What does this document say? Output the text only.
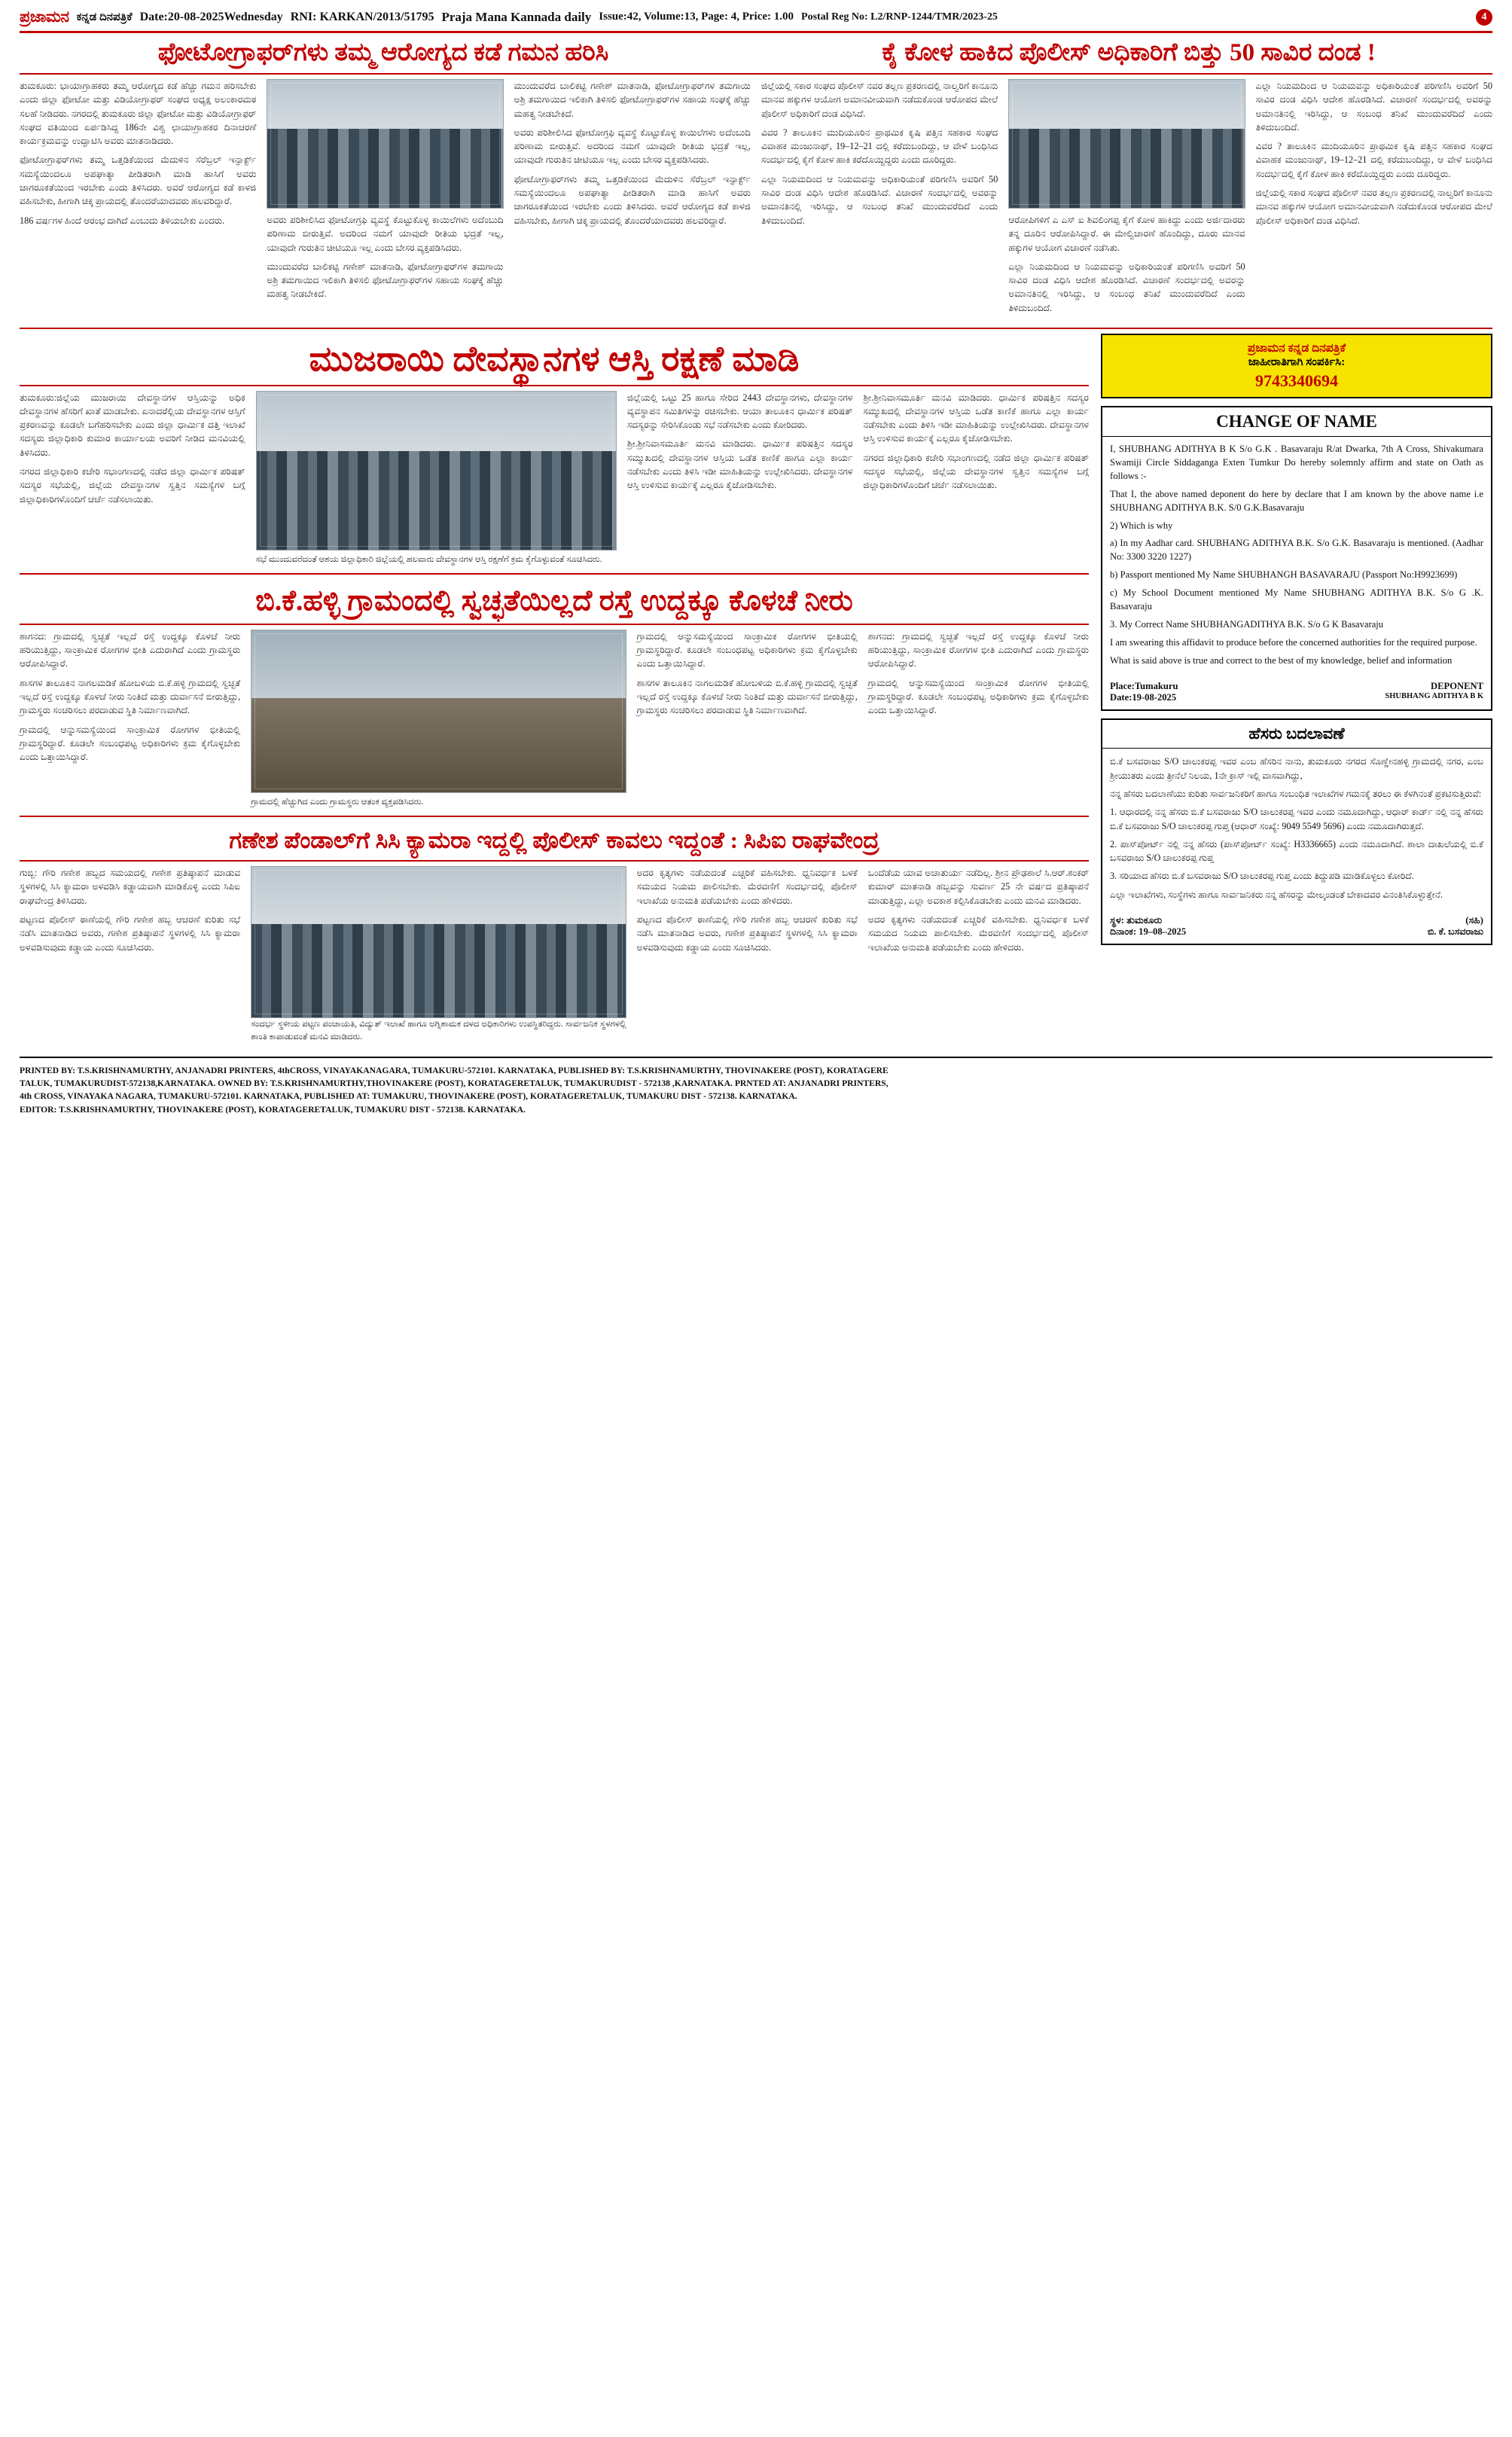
ಪ್ರಜಾಮನ ಕನ್ನಡ ದಿನಪತ್ರಿಕೆ Date:20-08-2025Wednesday RNI: KARKAN/2013/51795 Praja Mana Kannada daily Issue:42, Volume:13, Page: 4, Price: 1.00 Postal Reg No: L2/RNP-1244/TMR/2023-25	4
ಫೋಟೋಗ್ರಾಫರ್‌ಗಳು ತಮ್ಮ ಆರೋಗ್ಯದ ಕಡೆ ಗಮನ ಹರಿಸಿ	ಕೈ ಕೋಳ ಹಾಕಿದ ಪೊಲೀಸ್ ಅಧಿಕಾರಿಗೆ ಬಿತ್ತು 50 ಸಾವಿರ ದಂಡ !

ತುಮಕೂರು: ಭಾಯಾಗ್ರಾಹಕರು ತಮ್ಮ ಆರೋಗ್ಯದ ಕಡೆ ಹೆಚ್ಚು ಗಮನ ಹರಿಸಬೇಕು ಎಂದು ಜಿಲ್ಲಾ ಫೋಟೋ ಮತ್ತು ವಿಡಿಯೋಗ್ರಾಫರ್ ಸಂಘದ ಅಧ್ಯಕ್ಷ ಅಲಂಕಾರಮಠ ಸಲಹೆ ನೀಡಿದರು. ನಗರದಲ್ಲಿ ತುಮಕೂರು ಜಿಲ್ಲಾ ಫೋಟೋ ಮತ್ತು ವಿಡಿಯೋಗ್ರಾಫರ್ ಸಂಘದ ವತಿಯಿಂದ ಏರ್ಪಡಿಸಿದ್ದ 186ನೇ ವಿಶ್ವ ಛಾಯಾಗ್ರಾಹಕರ ದಿನಾಚರಣೆ ಕಾರ್ಯಕ್ರಮವನ್ನು ಉದ್ಘಾಟಿಸಿ ಅವರು ಮಾತನಾಡಿದರು.

ಫೋಟೋಗ್ರಾಫರ್‌ಗಳು ತಮ್ಮ ಒತ್ತಡಿಕೆಯಿಂದ ಮೆದುಳಿನ ಸೆರೆಬ್ರಲ್ ಇನ್ಫಾರ್ಕ್ಟ್ ಸಮಸ್ಯೆಯಿಂದಲೂ ಅಪಘಾತ್ಯಾ ಪೀಡಿತರಾಗಿ ಮಾಡಿ ಹಾಸಿಗೆ ಅವರು ಜಾಗರೂಕತೆಯಿಂದ ಇರಬೇಕು ಎಂದು ತಿಳಿಸಿದರು. ಅವರೆ ಆರೋಗ್ಯದ ಕಡೆ ಕಾಳಜಿ ವಹಿಸಬೇಕು, ಹೀಗಾಗಿ ಚಿಕ್ಕ ಪ್ರಾಯದಲ್ಲಿ ತೊಂದರೆಯಾದವರು ಹಲವರಿದ್ದಾರೆ.

186 ವರ್ಷಗಳ ಹಿಂದೆ ಆರಂಭ ದಾಗಿದೆ ಎಂಬುದು ತಿಳಿಯಬೇಕು ಎಂದರು.	ಅವರು ಪರಿಶೀಲಿಸಿದ ಫೋಟೋಗ್ರಫಿ ವ್ಯವಸ್ಥೆ ಕೊಟ್ಟುಕೊಳ್ಳ ಕಾಯಿಲೆಗಳು ಅದೆಂಬುದಿ ಪರಿಣಾಮ ಬೀರುತ್ತಿವೆ. ಅದರಿಂದ ನಮಗೆ ಯಾವುದೇ ರೀತಿಯ ಭದ್ರತೆ ಇಲ್ಲ, ಯಾವುದೇ ಗುರುತಿನ ಚೀಟಿಯೂ ಇಲ್ಲ ಎಂದು ಬೇಸರ ವ್ಯಕ್ತಪಡಿಸಿದರು.

ಮುಂದುವರೆದ ಬಾಲಿಕಟ್ಟಿ ಗಣೇಶ್ ಮಾತನಾಡಿ, ಫೋಟೋಗ್ರಾಫರ್‌ಗಳ ತಮಗಾಯಿ ಅಶ್ರಿ ತಮಗಾಯಿದ ಇಲಿಕಾಗಿ ತಿಳಿಸಲಿ ಫೋಟೋಗ್ರಾಫರ್‌ಗಳ ಸಹಾಯ ಸಂಘಕ್ಕೆ ಹೆಚ್ಚು ಮಹತ್ವ ನೀಡಬೇಕಿದೆ.

ಮುಂದುವರೆದ ಬಾಲಿಕಟ್ಟಿ ಗಣೇಶ್ ಮಾತನಾಡಿ, ಫೋಟೋಗ್ರಾಫರ್‌ಗಳ ತಮಗಾಯಿ ಅಶ್ರಿ ತಮಗಾಯಿದ ಇಲಿಕಾಗಿ ತಿಳಿಸಲಿ ಫೋಟೋಗ್ರಾಫರ್‌ಗಳ ಸಹಾಯ ಸಂಘಕ್ಕೆ ಹೆಚ್ಚು ಮಹತ್ವ ನೀಡಬೇಕಿದೆ.

ಅವರು ಪರಿಶೀಲಿಸಿದ ಫೋಟೋಗ್ರಫಿ ವ್ಯವಸ್ಥೆ ಕೊಟ್ಟುಕೊಳ್ಳ ಕಾಯಿಲೆಗಳು ಅದೆಂಬುದಿ ಪರಿಣಾಮ ಬೀರುತ್ತಿವೆ. ಅದರಿಂದ ನಮಗೆ ಯಾವುದೇ ರೀತಿಯ ಭದ್ರತೆ ಇಲ್ಲ, ಯಾವುದೇ ಗುರುತಿನ ಚೀಟಿಯೂ ಇಲ್ಲ ಎಂದು ಬೇಸರ ವ್ಯಕ್ತಪಡಿಸಿದರು.

ಫೋಟೋಗ್ರಾಫರ್‌ಗಳು ತಮ್ಮ ಒತ್ತಡಿಕೆಯಿಂದ ಮೆದುಳಿನ ಸೆರೆಬ್ರಲ್ ಇನ್ಫಾರ್ಕ್ಟ್ ಸಮಸ್ಯೆಯಿಂದಲೂ ಅಪಘಾತ್ಯಾ ಪೀಡಿತರಾಗಿ ಮಾಡಿ ಹಾಸಿಗೆ ಅವರು ಜಾಗರೂಕತೆಯಿಂದ ಇರಬೇಕು ಎಂದು ತಿಳಿಸಿದರು. ಅವರೆ ಆರೋಗ್ಯದ ಕಡೆ ಕಾಳಜಿ ವಹಿಸಬೇಕು, ಹೀಗಾಗಿ ಚಿಕ್ಕ ಪ್ರಾಯದಲ್ಲಿ ತೊಂದರೆಯಾದವರು ಹಲವರಿದ್ದಾರೆ.

ಜಿಲ್ಲೆಯಲ್ಲಿ ಸಕಾರ ಸಂಘದ ಪೊಲೀಸ್ ನವರ ತಲ್ಲಣ ಪ್ರಕರಣದಲ್ಲಿ ನಾಲ್ವರಿಗೆ ಕಾನೂನು ಮಾನವ ಹಕ್ಕುಗಳ ಆಯೋಗ ಅಮಾನವೀಯವಾಗಿ ನಡೆದುಕೊಂಡ ಆರೋಪದ ಮೇಲೆ ಪೊಲೀಸ್ ಅಧಿಕಾರಿಗೆ ದಂಡ ವಿಧಿಸಿದೆ.

ವಿವರ ? ತಾಲೂಕಿನ ಮುದಿಯೂರಿನ ಪ್ರಾಥಮಿಕ ಕೃಷಿ ಪತ್ತಿನ ಸಹಕಾರ ಸಂಘದ ವಿವಾಹಕ ಮಂಜುನಾಥ್, 19–12–21 ದಲ್ಲಿ ಕರೆದುಬಂದಿದ್ದು, ಆ ವೇಳೆ ಬಂಧಿಸಿದ ಸಂದರ್ಭದಲ್ಲಿ ಕೈಗೆ ಕೋಳ ಹಾಕಿ ಕರೆದೊಯ್ದಿದ್ದರು ಎಂದು ದೂರಿದ್ದರು.

ಎಲ್ಲಾ ನಿಯಮದಿಂದ ಆ ನಿಯಮವನ್ನು ಅಧಿಕಾರಿಯಂತೆ ಪರಿಗಣಿಸಿ ಅವರಿಗೆ 50 ಸಾವಿರ ದಂಡ ವಿಧಿಸಿ ಆದೇಶ ಹೊರಡಿಸಿದೆ. ವಿಚಾರಣೆ ಸಂದರ್ಭದಲ್ಲಿ ಅವರನ್ನು ಅಮಾನತಿನಲ್ಲಿ ಇರಿಸಿದ್ದು, ಆ ಸಂಬಂಧ ತನಿಖೆ ಮುಂದುವರೆದಿದೆ ಎಂದು ತಿಳಿದುಬಂದಿದೆ.	ಆರೋಪಿಗಳಿಗೆ ಎ ಎಸ್ ಐ ಶಿವಲಿಂಗಪ್ಪ ಕೈಗೆ ಕೋಳ ಹಾಕಿದ್ದು ಎಂದು ಅರ್ಜಿದಾರರು ತನ್ನ ದೂರಿನ ಆರೋಪಿಸಿದ್ದಾರೆ. ಈ ಮೇಲ್ವಿಚಾರಣೆ ಹೊಂದಿದ್ದು, ದೂರು ಮಾನವ ಹಕ್ಕುಗಳ ಆಯೋಗ ವಿಚಾರಣೆ ನಡೆಸಿತು.

ಎಲ್ಲಾ ನಿಯಮದಿಂದ ಆ ನಿಯಮವನ್ನು ಅಧಿಕಾರಿಯಂತೆ ಪರಿಗಣಿಸಿ ಅವರಿಗೆ 50 ಸಾವಿರ ದಂಡ ವಿಧಿಸಿ ಆದೇಶ ಹೊರಡಿಸಿದೆ. ವಿಚಾರಣೆ ಸಂದರ್ಭದಲ್ಲಿ ಅವರನ್ನು ಅಮಾನತಿನಲ್ಲಿ ಇರಿಸಿದ್ದು, ಆ ಸಂಬಂಧ ತನಿಖೆ ಮುಂದುವರೆದಿದೆ ಎಂದು ತಿಳಿದುಬಂದಿದೆ.

ಎಲ್ಲಾ ನಿಯಮದಿಂದ ಆ ನಿಯಮವನ್ನು ಅಧಿಕಾರಿಯಂತೆ ಪರಿಗಣಿಸಿ ಅವರಿಗೆ 50 ಸಾವಿರ ದಂಡ ವಿಧಿಸಿ ಆದೇಶ ಹೊರಡಿಸಿದೆ. ವಿಚಾರಣೆ ಸಂದರ್ಭದಲ್ಲಿ ಅವರನ್ನು ಅಮಾನತಿನಲ್ಲಿ ಇರಿಸಿದ್ದು, ಆ ಸಂಬಂಧ ತನಿಖೆ ಮುಂದುವರೆದಿದೆ ಎಂದು ತಿಳಿದುಬಂದಿದೆ.

ವಿವರ ? ತಾಲೂಕಿನ ಮುದಿಯೂರಿನ ಪ್ರಾಥಮಿಕ ಕೃಷಿ ಪತ್ತಿನ ಸಹಕಾರ ಸಂಘದ ವಿವಾಹಕ ಮಂಜುನಾಥ್, 19–12–21 ದಲ್ಲಿ ಕರೆದುಬಂದಿದ್ದು, ಆ ವೇಳೆ ಬಂಧಿಸಿದ ಸಂದರ್ಭದಲ್ಲಿ ಕೈಗೆ ಕೋಳ ಹಾಕಿ ಕರೆದೊಯ್ದಿದ್ದರು ಎಂದು ದೂರಿದ್ದರು.

ಜಿಲ್ಲೆಯಲ್ಲಿ ಸಕಾರ ಸಂಘದ ಪೊಲೀಸ್ ನವರ ತಲ್ಲಣ ಪ್ರಕರಣದಲ್ಲಿ ನಾಲ್ವರಿಗೆ ಕಾನೂನು ಮಾನವ ಹಕ್ಕುಗಳ ಆಯೋಗ ಅಮಾನವೀಯವಾಗಿ ನಡೆದುಕೊಂಡ ಆರೋಪದ ಮೇಲೆ ಪೊಲೀಸ್ ಅಧಿಕಾರಿಗೆ ದಂಡ ವಿಧಿಸಿದೆ.

ಮುಜರಾಯಿ ದೇವಸ್ಥಾನಗಳ ಆಸ್ತಿ ರಕ್ಷಣೆ ಮಾಡಿ

ತುಮಕೂರು:ಜಿಲ್ಲೆಯ ಮುಜರಾಯಿ ದೇವಸ್ಥಾನಗಳ ಆಸ್ತಿಯನ್ನು ಅಧಿಕ ದೇವಸ್ಥಾನಗಳ ಹೆಸರಿಗೆ ಖಾತೆ ಮಾಡಬೇಕು. ಏನಾದರೆಲ್ಲಿಯ ದೇವಸ್ಥಾನಗಳ ಆಸ್ತಿಗೆ ಪ್ರಕರಣವನ್ನು ಕೂಡಲೇ ಬಗೆಹರಿಸಬೇಕು ಎಂದು ಜಿಲ್ಲಾ ಧಾರ್ಮಿಕ ದತ್ತಿ ಇಲಾಖೆ ಸದಸ್ಯರು ಜಿಲ್ಲಾಧಿಕಾರಿ ಕುಮಾರ ಕಾರ್ಯಾಲಯ ಅವರಿಗೆ ನೀಡಿದ ಮನವಿಯಲ್ಲಿ ತಿಳಿಸಿದರು.

ನಗರದ ಜಿಲ್ಲಾಧಿಕಾರಿ ಕಚೇರಿ ಸಭಾಂಗಣದಲ್ಲಿ ನಡೆದ ಜಿಲ್ಲಾ ಧಾರ್ಮಿಕ ಪರಿಷತ್ ಸದಸ್ಯರ ಸಭೆಯಲ್ಲಿ, ಜಿಲ್ಲೆಯ ದೇವಸ್ಥಾನಗಳ ಸ್ವತ್ತಿನ ಸಮಸ್ಯೆಗಳ ಬಗ್ಗೆ ಜಿಲ್ಲಾಧಿಕಾರಿಗಳೊಂದಿಗೆ ಚರ್ಚೆ ನಡೆಸಲಾಯಿತು.

ಸಭೆ ಮುಂದುವರೆದಂತೆ ಆಶಯ ಜಿಲ್ಲಾಧಿಕಾರಿ ಜಿಲ್ಲೆಯಲ್ಲಿ ಹಲವಾರು ದೇವಸ್ಥಾನಗಳ ಆಸ್ತಿ ರಕ್ಷಣೆಗೆ ಕ್ರಮ ಕೈಗೊಳ್ಳುವಂತೆ ಸೂಚಿಸಿದರು.

ಜಿಲ್ಲೆಯಲ್ಲಿ ಒಟ್ಟು 25 ಹಾಗೂ ಸೇರಿದ 2443 ದೇವಸ್ಥಾನಗಳು, ದೇವಸ್ಥಾನಗಳ ವ್ಯವಸ್ಥಾಪನ ಸಮಿತಿಗಳನ್ನು ರಚಿಸಬೇಕು. ಆಯಾ ತಾಲೂಕಿನ ಧಾರ್ಮಿಕ ಪರಿಷತ್ ಸದಸ್ಯರನ್ನು ಸೇರಿಸಿಕೊಂಡು ಸಭೆ ನಡೆಸಬೇಕು ಎಂದು ಕೋರಿದರು.

ಶ್ರೀ.ಶ್ರೀನಿವಾಸಮೂರ್ತಿ ಮನವಿ ಮಾಡಿದರು. ಧಾರ್ಮಿಕ ಪರಿಷತ್ತಿನ ಸದಸ್ಯರ ಸಮ್ಮುಖದಲ್ಲಿ ದೇವಸ್ಥಾನಗಳ ಆಸ್ತಿಯ ಒಡೆತ ಕಾಣಿಕೆ ಹಾಗೂ ಎಲ್ಲಾ ಕಾರ್ಯ ನಡೆಸಬೇಕು ಎಂದು ತಿಳಿಸಿ ಇಡೀ ಮಾಹಿತಿಯನ್ನು ಉಲ್ಲೇಖಿಸಿದರು. ದೇವಸ್ಥಾನಗಳ ಆಸ್ತಿ ಉಳಿಸುವ ಕಾರ್ಯಕ್ಕೆ ಎಲ್ಲರೂ ಕೈಜೋಡಿಸಬೇಕು.

ಶ್ರೀ.ಶ್ರೀನಿವಾಸಮೂರ್ತಿ ಮನವಿ ಮಾಡಿದರು. ಧಾರ್ಮಿಕ ಪರಿಷತ್ತಿನ ಸದಸ್ಯರ ಸಮ್ಮುಖದಲ್ಲಿ ದೇವಸ್ಥಾನಗಳ ಆಸ್ತಿಯ ಒಡೆತ ಕಾಣಿಕೆ ಹಾಗೂ ಎಲ್ಲಾ ಕಾರ್ಯ ನಡೆಸಬೇಕು ಎಂದು ತಿಳಿಸಿ ಇಡೀ ಮಾಹಿತಿಯನ್ನು ಉಲ್ಲೇಖಿಸಿದರು. ದೇವಸ್ಥಾನಗಳ ಆಸ್ತಿ ಉಳಿಸುವ ಕಾರ್ಯಕ್ಕೆ ಎಲ್ಲರೂ ಕೈಜೋಡಿಸಬೇಕು.

ನಗರದ ಜಿಲ್ಲಾಧಿಕಾರಿ ಕಚೇರಿ ಸಭಾಂಗಣದಲ್ಲಿ ನಡೆದ ಜಿಲ್ಲಾ ಧಾರ್ಮಿಕ ಪರಿಷತ್ ಸದಸ್ಯರ ಸಭೆಯಲ್ಲಿ, ಜಿಲ್ಲೆಯ ದೇವಸ್ಥಾನಗಳ ಸ್ವತ್ತಿನ ಸಮಸ್ಯೆಗಳ ಬಗ್ಗೆ ಜಿಲ್ಲಾಧಿಕಾರಿಗಳೊಂದಿಗೆ ಚರ್ಚೆ ನಡೆಸಲಾಯಿತು.

ಬಿ.ಕೆ.ಹಳ್ಳಿ ಗ್ರಾಮಂದಲ್ಲಿ ಸ್ವಚ್ಛತೆಯಿಲ್ಲದೆ ರಸ್ತೆ ಉದ್ದಕ್ಕೂ ಕೊಳಚೆ ನೀರು

ಶಾಗನದ: ಗ್ರಾಮದಲ್ಲಿ ಸ್ವಚ್ಛತೆ ಇಲ್ಲದೆ ರಸ್ತೆ ಉದ್ದಕ್ಕೂ ಕೊಳಚೆ ನೀರು ಹರಿಯುತ್ತಿದ್ದು, ಸಾಂಕ್ರಾಮಿಕ ರೋಗಗಳ ಭೀತಿ ಎದುರಾಗಿದೆ ಎಂದು ಗ್ರಾಮಸ್ಥರು ಆರೋಪಿಸಿದ್ದಾರೆ.

ಶಾಸಗಳ ತಾಲೂಕಿನ ನಾಗಲಮಡಿಕೆ ಹೋಬಳಿಯ ಬಿ.ಕೆ.ಹಳ್ಳಿ ಗ್ರಾಮದಲ್ಲಿ ಸ್ವಚ್ಛತೆ ಇಲ್ಲದೆ ರಸ್ತೆ ಉದ್ದಕ್ಕೂ ಕೊಳಚೆ ನೀರು ನಿಂತಿದೆ ಮತ್ತು ದುರ್ವಾಸನೆ ಬೀರುತ್ತಿದ್ದು, ಗ್ರಾಮಸ್ಥರು ಸಂಚರಿಸಲು ಪರದಾಡುವ ಸ್ಥಿತಿ ನಿರ್ಮಾಣವಾಗಿದೆ.

ಗ್ರಾಮದಲ್ಲಿ ಆನ್ನುಸಮಸ್ಯೆಯಿಂದ ಸಾಂಕ್ರಾಮಿಕ ರೋಗಗಳ ಭೀತಿಯಲ್ಲಿ ಗ್ರಾಮಸ್ಥರಿದ್ದಾರೆ. ಕೂಡಲೇ ಸಂಬಂಧಪಟ್ಟ ಅಧಿಕಾರಿಗಳು ಕ್ರಮ ಕೈಗೊಳ್ಳಬೇಕು ಎಂದು ಒತ್ತಾಯಿಸಿದ್ದಾರೆ.

ಗ್ರಾಮದಲ್ಲಿ ಹೆಚ್ಚುಗಿದ ಎಂದು ಗ್ರಾಮಸ್ಥರು ಆತಂಕ ವ್ಯಕ್ತಪಡಿಸಿದರು.

ಗ್ರಾಮದಲ್ಲಿ ಆನ್ನುಸಮಸ್ಯೆಯಿಂದ ಸಾಂಕ್ರಾಮಿಕ ರೋಗಗಳ ಭೀತಿಯಲ್ಲಿ ಗ್ರಾಮಸ್ಥರಿದ್ದಾರೆ. ಕೂಡಲೇ ಸಂಬಂಧಪಟ್ಟ ಅಧಿಕಾರಿಗಳು ಕ್ರಮ ಕೈಗೊಳ್ಳಬೇಕು ಎಂದು ಒತ್ತಾಯಿಸಿದ್ದಾರೆ.

ಶಾಸಗಳ ತಾಲೂಕಿನ ನಾಗಲಮಡಿಕೆ ಹೋಬಳಿಯ ಬಿ.ಕೆ.ಹಳ್ಳಿ ಗ್ರಾಮದಲ್ಲಿ ಸ್ವಚ್ಛತೆ ಇಲ್ಲದೆ ರಸ್ತೆ ಉದ್ದಕ್ಕೂ ಕೊಳಚೆ ನೀರು ನಿಂತಿದೆ ಮತ್ತು ದುರ್ವಾಸನೆ ಬೀರುತ್ತಿದ್ದು, ಗ್ರಾಮಸ್ಥರು ಸಂಚರಿಸಲು ಪರದಾಡುವ ಸ್ಥಿತಿ ನಿರ್ಮಾಣವಾಗಿದೆ.

ಶಾಗನದ: ಗ್ರಾಮದಲ್ಲಿ ಸ್ವಚ್ಛತೆ ಇಲ್ಲದೆ ರಸ್ತೆ ಉದ್ದಕ್ಕೂ ಕೊಳಚೆ ನೀರು ಹರಿಯುತ್ತಿದ್ದು, ಸಾಂಕ್ರಾಮಿಕ ರೋಗಗಳ ಭೀತಿ ಎದುರಾಗಿದೆ ಎಂದು ಗ್ರಾಮಸ್ಥರು ಆರೋಪಿಸಿದ್ದಾರೆ.

ಗ್ರಾಮದಲ್ಲಿ ಆನ್ನುಸಮಸ್ಯೆಯಿಂದ ಸಾಂಕ್ರಾಮಿಕ ರೋಗಗಳ ಭೀತಿಯಲ್ಲಿ ಗ್ರಾಮಸ್ಥರಿದ್ದಾರೆ. ಕೂಡಲೇ ಸಂಬಂಧಪಟ್ಟ ಅಧಿಕಾರಿಗಳು ಕ್ರಮ ಕೈಗೊಳ್ಳಬೇಕು ಎಂದು ಒತ್ತಾಯಿಸಿದ್ದಾರೆ.

ಗಣೇಶ ಪೆಂಡಾಲ್‌ಗೆ ಸಿಸಿ ಕ್ಯಾಮರಾ ಇದ್ದಲ್ಲಿ ಪೊಲೀಸ್ ಕಾವಲು ಇದ್ದಂತೆ : ಸಿಪಿಐ ರಾಘವೇಂದ್ರ

ಗುಬ್ಬಿ: ಗೌರಿ ಗಣೇಶ ಹಬ್ಬದ ಸಮಯದಲ್ಲಿ ಗಣೇಶ ಪ್ರತಿಷ್ಠಾಪನೆ ಮಾಡುವ ಸ್ಥಳಗಳಲ್ಲಿ ಸಿಸಿ ಕ್ಯಾಮರಾ ಅಳವಡಿಸಿ ಕಡ್ಡಾಯವಾಗಿ ಮಾಡಿಕೊಳ್ಳಿ ಎಂದು ಸಿಪಿಐ ರಾಘವೇಂದ್ರ ತಿಳಿಸಿದರು.

ಪಟ್ಟಣದ ಪೊಲೀಸ್ ಠಾಣೆಯಲ್ಲಿ ಗೌರಿ ಗಣೇಶ ಹಬ್ಬ ಆಚರಣೆ ಕುರಿತು ಸಭೆ ನಡೆಸಿ ಮಾತನಾಡಿದ ಅವರು, ಗಣೇಶ ಪ್ರತಿಷ್ಠಾಪನೆ ಸ್ಥಳಗಳಲ್ಲಿ ಸಿಸಿ ಕ್ಯಾಮರಾ ಅಳವಡಿಸುವುದು ಕಡ್ಡಾಯ ಎಂದು ಸೂಚಿಸಿದರು.

ಸಂದರ್ಭ ಸ್ಥಳೀಯ ಪಟ್ಟಣ ಪಂಚಾಯತಿ, ವಿದ್ಯುತ್ ಇಲಾಖೆ ಹಾಗೂ ಅಗ್ನಿಶಾಮಕ ದಳದ ಅಧಿಕಾರಿಗಳು ಉಪಸ್ಥಿತರಿದ್ದರು. ಸಾರ್ವಜನಿಕ ಸ್ಥಳಗಳಲ್ಲಿ ಶಾಂತಿ ಕಾಪಾಡುವಂತೆ ಮನವಿ ಮಾಡಿದರು.

ಅದರ ಕೃತ್ಯಗಳು ನಡೆಯದಂತೆ ಎಚ್ಚರಿಕೆ ವಹಿಸಬೇಕು. ಧ್ವನಿವರ್ಧಕ ಬಳಕೆ ಸಮಯದ ನಿಯಮ ಪಾಲಿಸಬೇಕು. ಮೆರವಣಿಗೆ ಸಂದರ್ಭದಲ್ಲಿ ಪೊಲೀಸ್ ಇಲಾಖೆಯ ಅನುಮತಿ ಪಡೆಯಬೇಕು ಎಂದು ಹೇಳಿದರು.

ಪಟ್ಟಣದ ಪೊಲೀಸ್ ಠಾಣೆಯಲ್ಲಿ ಗೌರಿ ಗಣೇಶ ಹಬ್ಬ ಆಚರಣೆ ಕುರಿತು ಸಭೆ ನಡೆಸಿ ಮಾತನಾಡಿದ ಅವರು, ಗಣೇಶ ಪ್ರತಿಷ್ಠಾಪನೆ ಸ್ಥಳಗಳಲ್ಲಿ ಸಿಸಿ ಕ್ಯಾಮರಾ ಅಳವಡಿಸುವುದು ಕಡ್ಡಾಯ ಎಂದು ಸೂಚಿಸಿದರು.

ಒಂದೆಡೆಯ ಯಾವ ಅಚಾತುರ್ಯ ನಡೆದಿಲ್ಲ. ಶ್ರೀನ ಪ್ರೌಢಶಾಲೆ ಸಿ.ಆರ್.ಶಂಕರ್ ಕುಮಾರ್ ಮಾತನಾಡಿ ಹಬ್ಬವನ್ನು ಸುವರ್ಣ 25 ನೇ ವರ್ಷದ ಪ್ರತಿಷ್ಠಾಪನೆ ಮಾಡುತ್ತಿದ್ದು, ಎಲ್ಲಾ ಅವಕಾಶ ಕಲ್ಪಿಸಿಕೊಡಬೇಕು ಎಂದು ಮನವಿ ಮಾಡಿದರು.

ಅದರ ಕೃತ್ಯಗಳು ನಡೆಯದಂತೆ ಎಚ್ಚರಿಕೆ ವಹಿಸಬೇಕು. ಧ್ವನಿವರ್ಧಕ ಬಳಕೆ ಸಮಯದ ನಿಯಮ ಪಾಲಿಸಬೇಕು. ಮೆರವಣಿಗೆ ಸಂದರ್ಭದಲ್ಲಿ ಪೊಲೀಸ್ ಇಲಾಖೆಯ ಅನುಮತಿ ಪಡೆಯಬೇಕು ಎಂದು ಹೇಳಿದರು.

ಪ್ರಜಾಮನ ಕನ್ನಡ ದಿನಪತ್ರಿಕೆ
ಜಾಹೀರಾತಿಗಾಗಿ ಸಂಪರ್ಕಿಸಿ:
9743340694
CHANGE OF NAME

I, SHUBHANG ADITHYA B K S/o G.K . Basavaraju R/at Dwarka, 7th A Cross, Shivakumara Swamiji Circle Siddaganga Exten Tumkur Do hereby solemnly affirm and state on Oath as follows :-

That I, the above named deponent do here by declare that I am known by the above name i.e SHUBHANG ADITHYA B.K. S/0 G.K.Basavaraju

2) Which is why

a) In my Aadhar card. SHUBHANG ADITHYA B.K. S/o G.K. Basavaraju is mentioned. (Aadhar No: 3300 3220 1227)

b) Passport mentioned My Name SHUBHANGH BASAVARAJU (Passport No:H9923699)

c) My School Document mentioned My Name SHUBHANG ADITHYA B.K. S/o G .K. Basavaraju

3. My Correct Name SHUBHANGADITHYA B.K. S/o G K Basavaraju

I am swearing this affidavit to produce before the concerned authorities for the required purpose.

What is said above is true and correct to the best of my knowledge, belief and information

Place:Tumakuru
Date:19-08-2025
DEPONENT
SHUBHANG ADITHYA B K
ಹೆಸರು ಬದಲಾವಣೆ

ಬಿ.ಕೆ ಬಸವರಾಜು S/O ಚಾಲುಕರಪ್ಪ ಇವರ ಎಂಬ ಹೆಸರಿನ ನಾನು, ತುಮಕೂರು ನಗರದ ಸೊಣ್ಣೇನಹಳ್ಳಿ ಗ್ರಾಮದಲ್ಲಿ ನಗರ, ಎಂಬ ಶ್ರೀಯುತರು ಎಂದು ತ್ರೀನೆಲೆ ನಿಲಯ, 1ನೇ ಕ್ರಾಸ್ ಇಲ್ಲಿ ವಾಸವಾಗಿದ್ದು,

ನನ್ನ ಹೆಸರು ಬದಲಾಣೆಯು ಕುರಿತು ಸಾರ್ವಜನಿಕರಿಗೆ ಹಾಗೂ ಸಂಬಂಧಿತ ಇಲಾಖೆಗಳ ಗಮನಕ್ಕೆ ತರಲು ಈ ಕೆಳಗಿನಂತೆ ಪ್ರಕಟಿಸುತ್ತಿರುವೆ:

1. ಆಧಾರದಲ್ಲಿ ನನ್ನ ಹೆಸರು ಬಿ.ಕೆ ಬಸವರಾಜು S/O ಚಾಲುಕರಪ್ಪ ಇವರ ಎಂದು ನಮೂದಾಗಿದ್ದು, ಆಧಾರ್ ಕಾರ್ಡ್ ನಲ್ಲಿ ನನ್ನ ಹೆಸರು ಬಿ.ಕೆ ಬಸವರಾಜು S/O ಚಾಲುಕರಪ್ಪ ಗುಪ್ತ (ಆಧಾರ್ ಸಂಖ್ಯೆ: 9049 5549 5696) ಎಂದು ನಮೂದಾಗಿರುತ್ತದೆ.

2. ಪಾಸ್‌ಪೋರ್ಟ್ ನಲ್ಲಿ ನನ್ನ ಹೆಸರು (ಪಾಸ್‌ಪೋರ್ಟ್ ಸಂಖ್ಯೆ: H3336665) ಎಂದು ನಮೂದಾಗಿದೆ. ಶಾಲಾ ದಾಖಲೆಯಲ್ಲಿ ಬಿ.ಕೆ ಬಸವರಾಜು S/O ಚಾಲುಕರಪ್ಪ ಗುಪ್ತ

3. ಸರಿಯಾದ ಹೆಸರು ಬಿ.ಕೆ ಬಸವರಾಜು S/O ಚಾಲುಕರಪ್ಪ ಗುಪ್ತ ಎಂದು ತಿದ್ದುಪಡಿ ಮಾಡಿಕೊಳ್ಳಲು ಕೋರಿದೆ.

ಎಲ್ಲಾ ಇಲಾಖೆಗಳು, ಸಂಸ್ಥೆಗಳು ಹಾಗೂ ಸಾರ್ವಜನಿಕರು ನನ್ನ ಹೆಸರನ್ನು ಮೇಲ್ಕಂಡಂತೆ ಬೇಕಾದವರ ವಿನಂತಿಸಿಕೊಳ್ಳುತ್ತೇನೆ.

ಸ್ಥಳ: ತುಮಕೂರು
ದಿನಾಂಕ: 19–08–2025
(ಸಹಿ)
ಬಿ. ಕೆ. ಬಸವರಾಜು
PRINTED BY: T.S.KRISHNAMURTHY, ANJANADRI PRINTERS, 4thCROSS, VINAYAKANAGARA, TUMAKURU-572101. KARNATAKA, PUBLISHED BY: T.S.KRISHNAMURTHY, THOVINAKERE (POST), KORATAGERE
TALUK, TUMAKURUDIST-572138,KARNATAKA. OWNED BY: T.S.KRISHNAMURTHY,THOVINAKERE (POST), KORATAGERETALUK, TUMAKURUDIST - 572138 ,KARNATAKA. PRNTED AT: ANJANADRI PRINTERS,
4th CROSS, VINAYAKA NAGARA, TUMAKURU-572101. KARNATAKA, PUBLISHED AT: TUMAKURU, THOVINAKERE (POST), KORATAGERETALUK, TUMAKURU DIST - 572138. KARNATAKA.
EDITOR: T.S.KRISHNAMURTHY, THOVINAKERE (POST), KORATAGERETALUK, TUMAKURU DIST - 572138. KARNATAKA.
